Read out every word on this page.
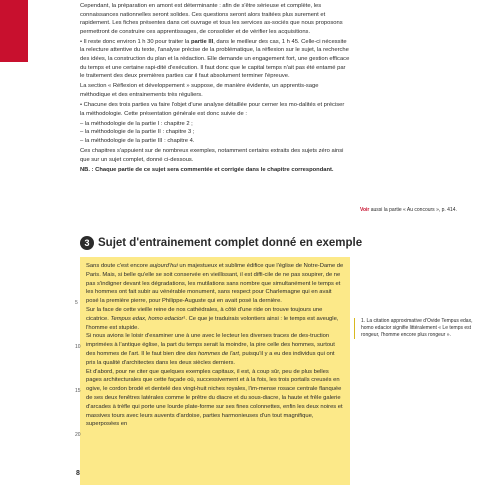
Cependant, la préparation en amont est déterminante : afin de s'être sérieuse et complète, les connaissances nationnelles seront solides. Ces questions seront alors traitées plus surement et rapidement. Les fiches présentes dans cet ouvrage et tous les services as-sociés que nous proposons permettront de construire ces apprentissages, de consolider et de vérifier les acquisitions.

• Il reste donc environ 1 h 30 pour traiter la partie III, dans le meilleur des cas, 1 h 45. Celle-ci nécessite la relecture attentive du texte, l'analyse précise de la problématique, la réflexion sur le sujet, la recherche des idées, la construction du plan et la rédaction. Elle demande un engagement fort, une gestion efficace du temps et une certaine rapi-dité d'exécution. Il faut donc que le capital temps n'ait pas été entamé par le traitement des deux premières parties car il faut absolument terminer l'épreuve.

La section « Réflexion et développement » suppose, de manière évidente, un apprentis-sage méthodique et des entrainements très réguliers.

• Chacune des trois parties va faire l'objet d'une analyse détaillée pour cerner les mo-dalités et préciser la méthodologie. Cette présentation générale est donc suivie de :

– la méthodologie de la partie I : chapitre 2 ;
– la méthodologie de la partie II : chapitre 3 ;
– la méthodologie de la partie III : chapitre 4.

Ces chapitres s'appuient sur de nombreux exemples, notamment certains extraits des sujets zéro ainsi que sur un sujet complet, donné ci-dessous.

NB. : Chaque partie de ce sujet sera commentée et corrigée dans le chapitre correspondant.

3 Sujet d'entrainement complet donné en exemple

Sans doute c'est encore aujourd'hui un majestueux et sublime édifice que l'église de Notre-Dame de Paris. Mais, si belle qu'elle se soit conservée en vieillissant, il est diffi-cile de ne pas soupirer, de ne pas s'indigner devant les dégradations, les mutilations sans nombre que simultanément le temps et les hommes ont fait subir au vénérable monument, sans respect pour Charlemagne qui en avait posé la première pierre, pour Philippe-Auguste qui en avait posé la dernière.

Sur la face de cette vieille reine de nos cathédrales, à côté d'une ride on trouve toujours une cicatrice. Tempus edax, homo edacior¹. Ce que je traduirais volontiers ainsi : le temps est aveugle, l'homme est stupide.

Si nous avions le loisir d'examiner une à une avec le lecteur les diverses traces de des-truction imprimées à l'antique église, la part du temps serait la moindre, la pire celle des hommes, surtout des hommes de l'art. Il le faut bien dire des hommes de l'art, puisqu'il y a eu des individus qui ont pris la qualité d'architectes dans les deux siècles derniers.

Et d'abord, pour ne citer que quelques exemples capitaux, il est, à coup sûr, peu de plus belles pages architecturales que cette façade où, successivement et à la fois, les trois portails creusés en ogive, le cordon brodé et dentelé des vingt-huit niches royales, l'im-mense rosace centrale flanquée de ses deux fenêtres latérales comme le prêtre du diacre et du sous-diacre, la haute et frêle galerie d'arcades à trèfle qui porte une lourde plate-forme sur ses fines colonnettes, enfin les deux noires et massives tours avec leurs auvents d'ardoise, parties harmonieuses d'un tout magnifique, superposées en

5
10
15
20
Voir aussi la partie « Au concours », p. 414.
1. La citation approximative d'Ovide Tempus edax, homo edacior signifie littéralement « Le temps est rongeur, l'homme encore plus rongeur ».
8
